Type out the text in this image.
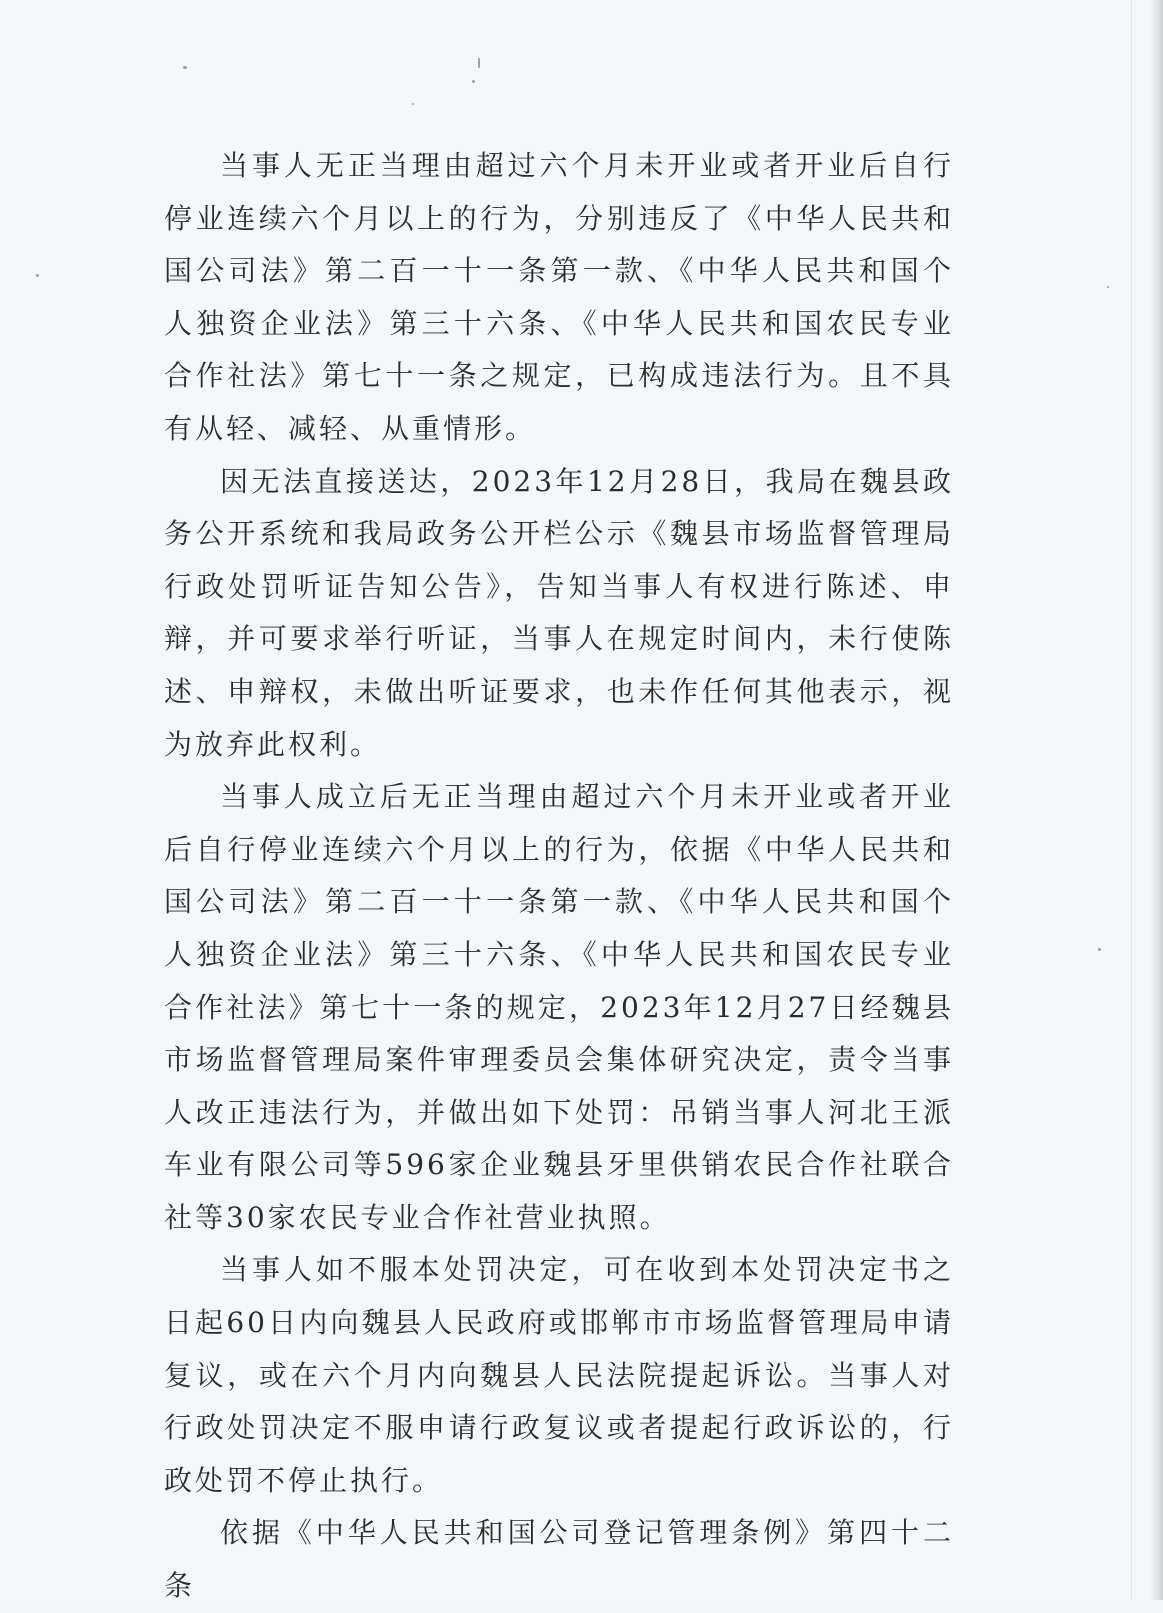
当事人无正当理由超过六个月未开业或者开业后自行停业连续六个月以上的行为，分别违反了《中华人民共和国公司法》第二百一十一条第一款、《中华人民共和国个人独资企业法》第三十六条、《中华人民共和国农民专业合作社法》第七十一条之规定，已构成违法行为。且不具有从轻、减轻、从重情形。

因无法直接送达，2023年12月28日，我局在魏县政务公开系统和我局政务公开栏公示《魏县市场监督管理局行政处罚听证告知公告》，告知当事人有权进行陈述、申辩，并可要求举行听证，当事人在规定时间内，未行使陈述、申辩权，未做出听证要求，也未作任何其他表示，视为放弃此权利。

当事人成立后无正当理由超过六个月未开业或者开业后自行停业连续六个月以上的行为，依据《中华人民共和国公司法》第二百一十一条第一款、《中华人民共和国个人独资企业法》第三十六条、《中华人民共和国农民专业合作社法》第七十一条的规定，2023年12月27日经魏县市场监督管理局案件审理委员会集体研究决定，责令当事人改正违法行为，并做出如下处罚：吊销当事人河北王派车业有限公司等596家企业魏县牙里供销农民合作社联合社等30家农民专业合作社营业执照。

当事人如不服本处罚决定，可在收到本处罚决定书之日起60日内向魏县人民政府或邯郸市市场监督管理局申请复议，或在六个月内向魏县人民法院提起诉讼。当事人对行政处罚决定不服申请行政复议或者提起行政诉讼的，行政处罚不停止执行。

依据《中华人民共和国公司登记管理条例》第四十二条
